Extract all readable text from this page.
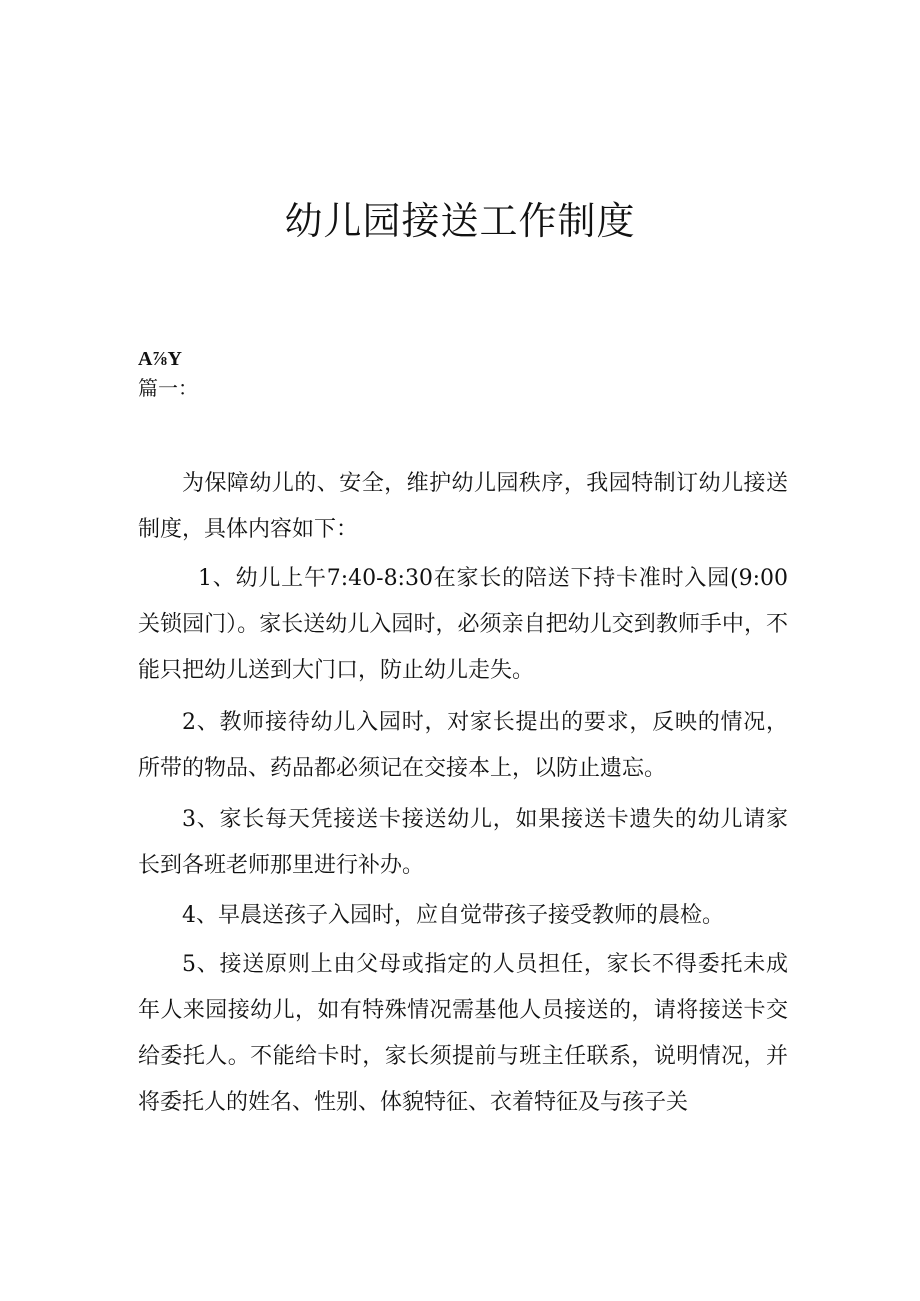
幼儿园接送工作制度
A⅞Y
篇一：

为保障幼儿的、安全，维护幼儿园秩序，我园特制订幼儿接送制度，具体内容如下：

1、幼儿上午7:40-8:30在家长的陪送下持卡准时入园(9:00关锁园门）。家长送幼儿入园时，必须亲自把幼儿交到教师手中，不能只把幼儿送到大门口，防止幼儿走失。

2、教师接待幼儿入园时，对家长提出的要求，反映的情况，所带的物品、药品都必须记在交接本上，以防止遗忘。

3、家长每天凭接送卡接送幼儿，如果接送卡遗失的幼儿请家长到各班老师那里进行补办。

4、早晨送孩子入园时，应自觉带孩子接受教师的晨检。

5、接送原则上由父母或指定的人员担任，家长不得委托未成年人来园接幼儿，如有特殊情况需基他人员接送的，请将接送卡交给委托人。不能给卡时，家长须提前与班主任联系，说明情况，并将委托人的姓名、性别、体貌特征、衣着特征及与孩子关
